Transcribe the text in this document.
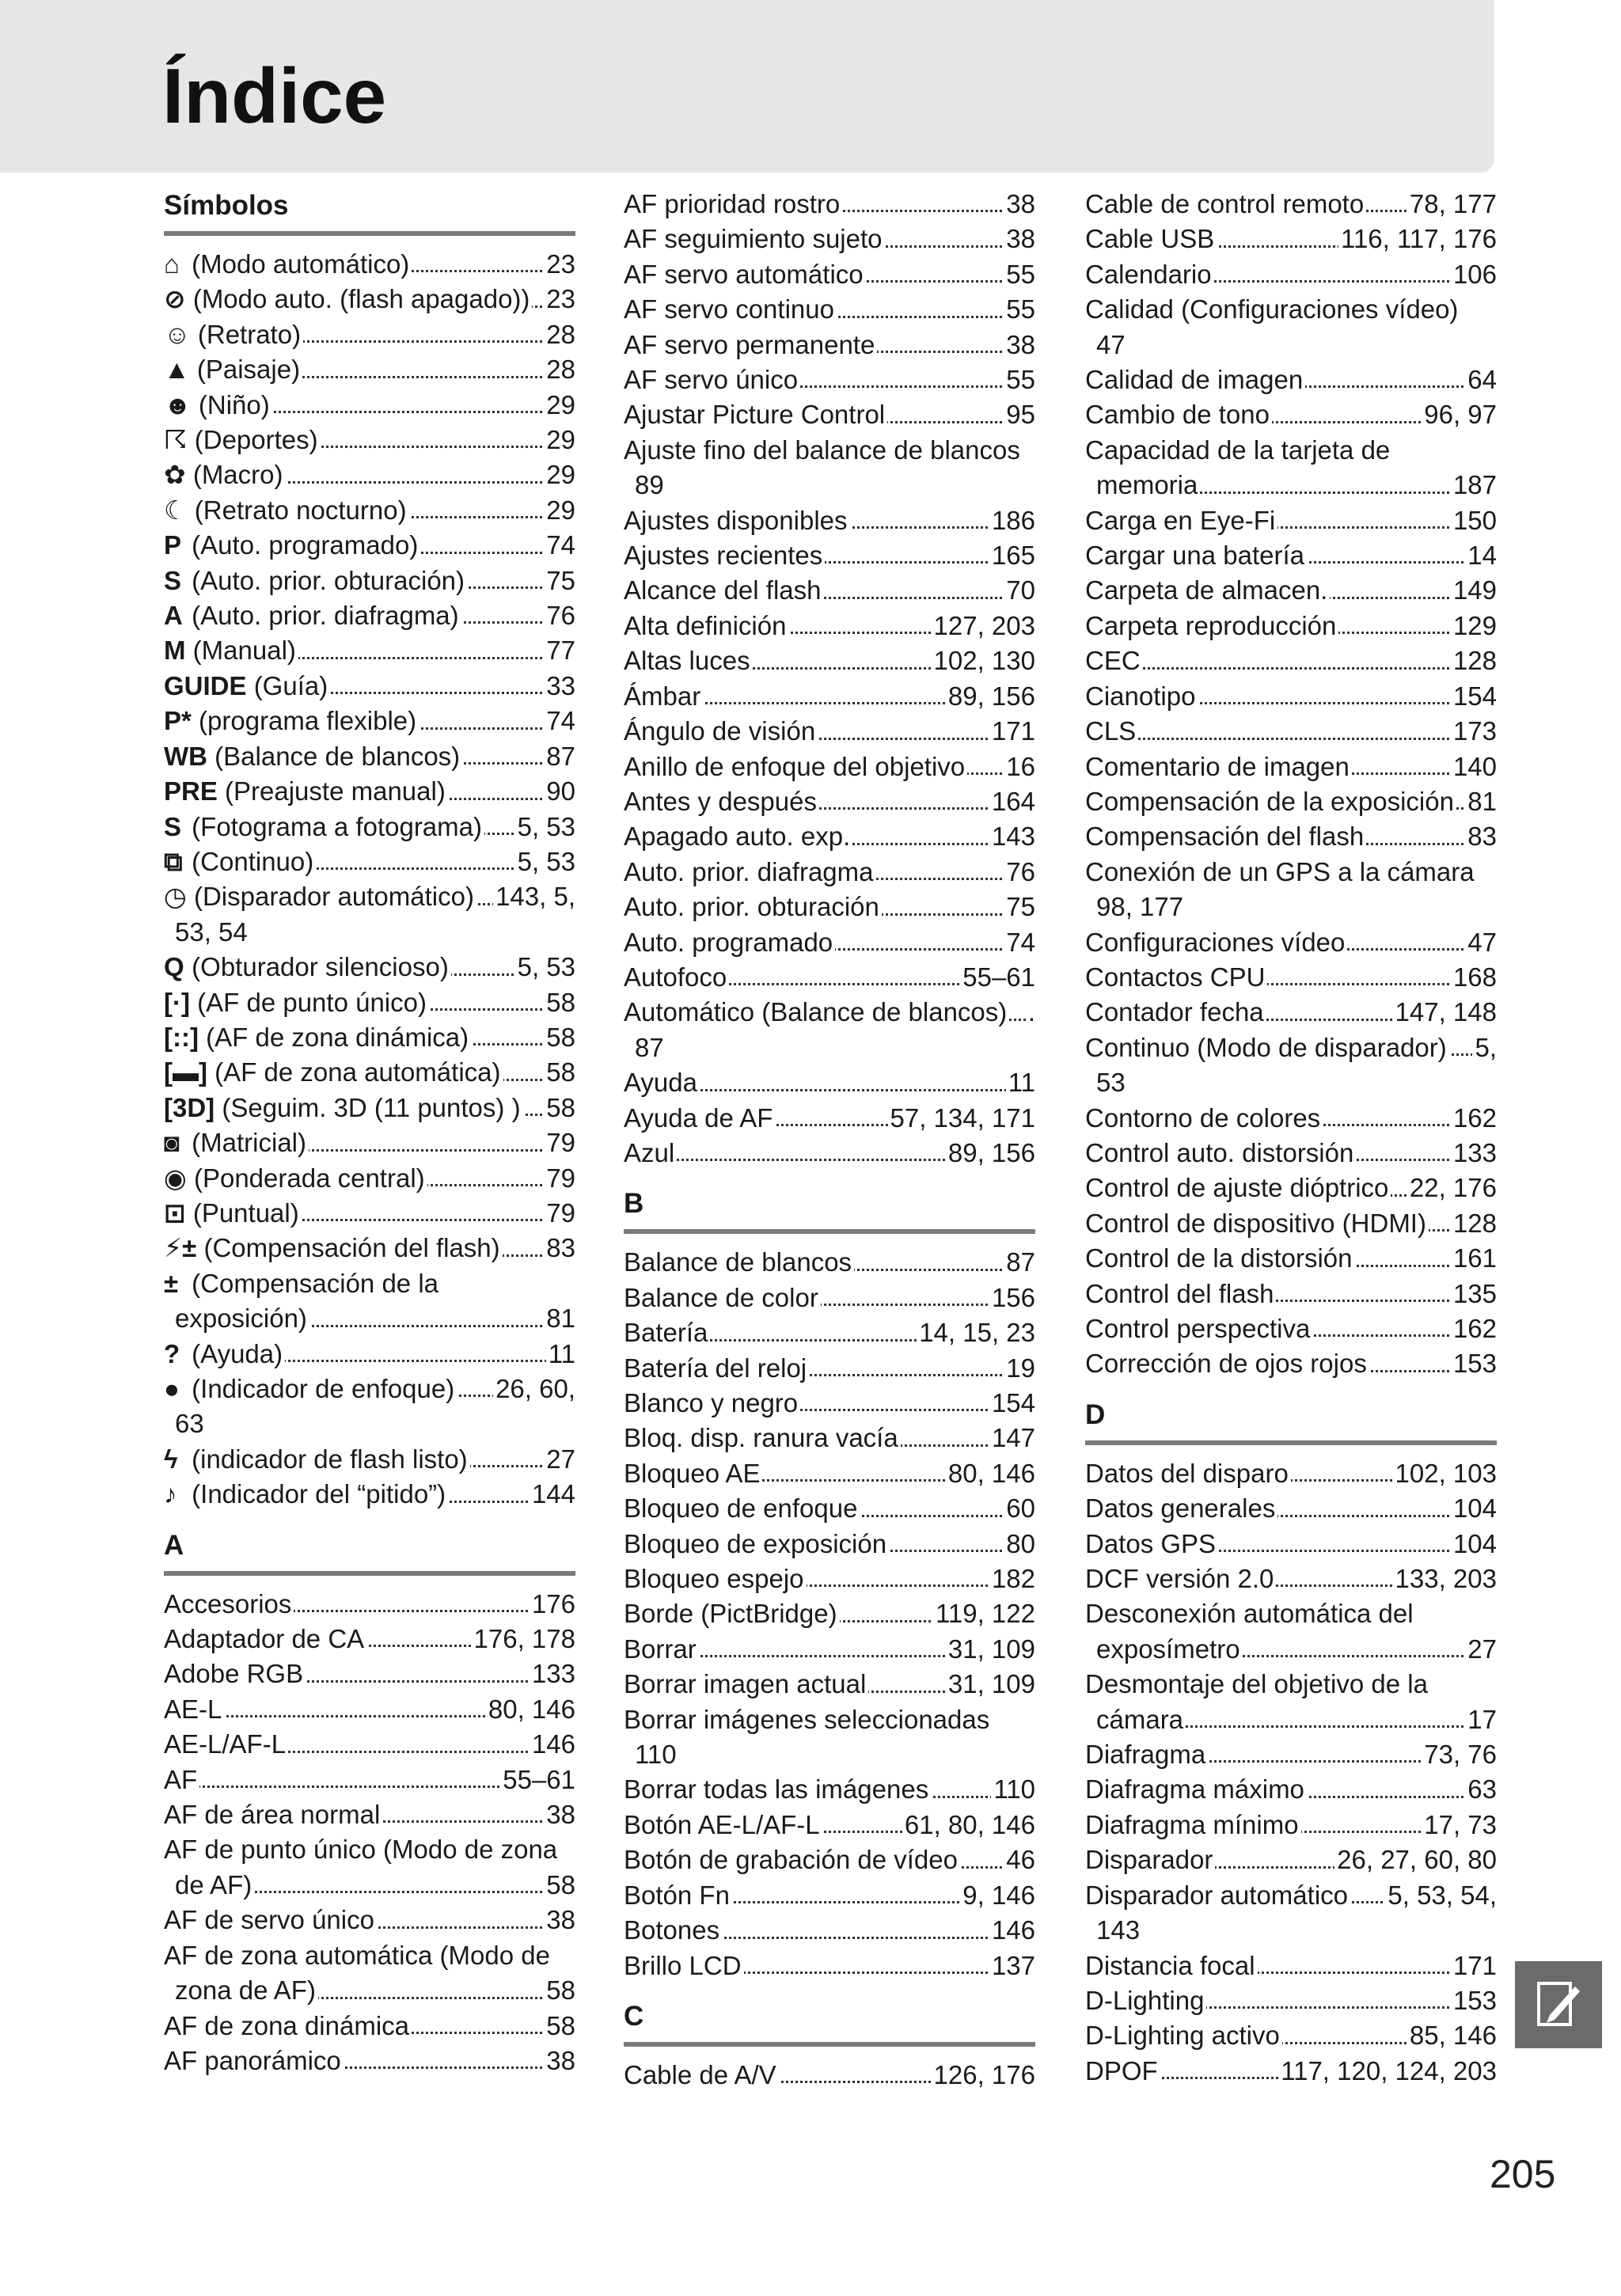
Índice
Símbolos
⌂ (Modo automático)	23
⊘ (Modo auto. (flash apagado)) 23
☺ (Retrato)	28
▲ (Paisaje)	28
☻ (Niño)	29
☈ (Deportes)	29
✿ (Macro)	29
☾ (Retrato nocturno)	29
P (Auto. programado)	74
S (Auto. prior. obturación)	75
A (Auto. prior. diafragma)	76
M (Manual)	77
GUIDE (Guía)	33
P* (programa flexible)	74
WB (Balance de blancos)	87
PRE (Preajuste manual)	90
S (Fotograma a fotograma) 5, 53
⧉ (Continuo)	5, 53
◷ (Disparador automático) 143, 5,
53, 54
Q (Obturador silencioso)	5, 53
[·] (AF de punto único)	58
[::] (AF de zona dinámica)	58
[▬] (AF de zona automática) 58
[3D] (Seguim. 3D (11 puntos) ) 58
◙ (Matricial)	79
◉ (Ponderada central)	79
⊡ (Puntual)	79
⚡± (Compensación del flash) 83
± (Compensación de la
exposición)	81
? (Ayuda)	11
● (Indicador de enfoque) 26, 60,
63
ϟ (indicador de flash listo)	27
♪ (Indicador del “pitido”)	144
A
Accesorios	176
Adaptador de CA	176, 178
Adobe RGB	133
AE-L	80, 146
AE-L/AF-L	146
AF	55–61
AF de área normal	38
AF de punto único (Modo de zona
de AF)	58
AF de servo único	38
AF de zona automática (Modo de
zona de AF)	58
AF de zona dinámica	58
AF panorámico	38
AF prioridad rostro	38
AF seguimiento sujeto	38
AF servo automático	55
AF servo continuo	55
AF servo permanente	38
AF servo único	55
Ajustar Picture Control	95
Ajuste fino del balance de blancos
89
Ajustes disponibles	186
Ajustes recientes	165
Alcance del flash	70
Alta definición	127, 203
Altas luces	102, 130
Ámbar	89, 156
Ángulo de visión	171
Anillo de enfoque del objetivo 16
Antes y después	164
Apagado auto. exp.	143
Auto. prior. diafragma	76
Auto. prior. obturación	75
Auto. programado	74
Autofoco	55–61
Automático (Balance de blancos) .
87
Ayuda	11
Ayuda de AF	57, 134, 171
Azul	89, 156
B
Balance de blancos	87
Balance de color	156
Batería	14, 15, 23
Batería del reloj	19
Blanco y negro	154
Bloq. disp. ranura vacía	147
Bloqueo AE	80, 146
Bloqueo de enfoque	60
Bloqueo de exposición	80
Bloqueo espejo	182
Borde (PictBridge)	119, 122
Borrar	31, 109
Borrar imagen actual	31, 109
Borrar imágenes seleccionadas
110
Borrar todas las imágenes 110
Botón AE-L/AF-L	61, 80, 146
Botón de grabación de vídeo 46
Botón Fn	9, 146
Botones	146
Brillo LCD	137
C
Cable de A/V	126, 176
Cable de control remoto 78, 177
Cable USB	116, 117, 176
Calendario	106
Calidad (Configuraciones vídeo)
47
Calidad de imagen	64
Cambio de tono	96, 97
Capacidad de la tarjeta de
memoria	187
Carga en Eye-Fi	150
Cargar una batería	14
Carpeta de almacen.	149
Carpeta reproducción	129
CEC	128
Cianotipo	154
CLS	173
Comentario de imagen	140
Compensación de la exposición 81
Compensación del flash	83
Conexión de un GPS a la cámara
98, 177
Configuraciones vídeo	47
Contactos CPU	168
Contador fecha	147, 148
Continuo (Modo de disparador) 5,
53
Contorno de colores	162
Control auto. distorsión	133
Control de ajuste dióptrico 22, 176
Control de dispositivo (HDMI) 128
Control de la distorsión	161
Control del flash	135
Control perspectiva	162
Corrección de ojos rojos	153
D
Datos del disparo	102, 103
Datos generales	104
Datos GPS	104
DCF versión 2.0	133, 203
Desconexión automática del
exposímetro	27
Desmontaje del objetivo de la
cámara	17
Diafragma	73, 76
Diafragma máximo	63
Diafragma mínimo	17, 73
Disparador	26, 27, 60, 80
Disparador automático 5, 53, 54,
143
Distancia focal	171
D-Lighting	153
D-Lighting activo	85, 146
DPOF	117, 120, 124, 203
205
